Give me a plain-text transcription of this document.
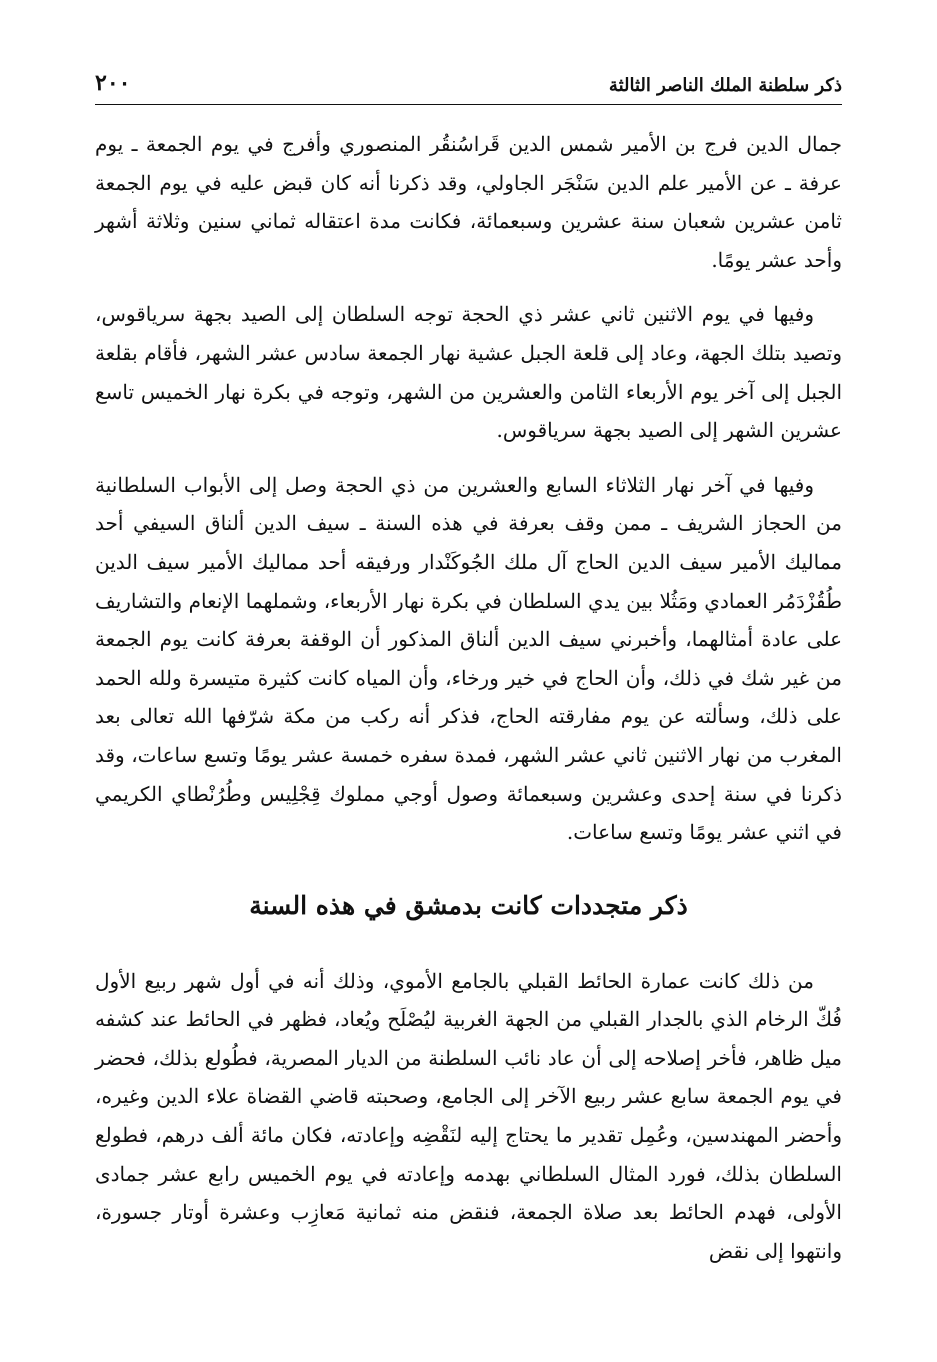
ذكر سلطنة الملك الناصر الثالثة
٢٠٠

جمال الدين فرج بن الأمير شمس الدين قَراسُنقُر المنصوري وأفرج في يوم الجمعة ـ يوم عرفة ـ عن الأمير علم الدين سَنْجَر الجاولي، وقد ذكرنا أنه كان قبض عليه في يوم الجمعة ثامن عشرين شعبان سنة عشرين وسبعمائة، فكانت مدة اعتقاله ثماني سنين وثلاثة أشهر وأحد عشر يومًا.

وفيها في يوم الاثنين ثاني عشر ذي الحجة توجه السلطان إلى الصيد بجهة سرياقوس، وتصيد بتلك الجهة، وعاد إلى قلعة الجبل عشية نهار الجمعة سادس عشر الشهر، فأقام بقلعة الجبل إلى آخر يوم الأربعاء الثامن والعشرين من الشهر، وتوجه في بكرة نهار الخميس تاسع عشرين الشهر إلى الصيد بجهة سرياقوس.

وفيها في آخر نهار الثلاثاء السابع والعشرين من ذي الحجة وصل إلى الأبواب السلطانية من الحجاز الشريف ـ ممن وقف بعرفة في هذه السنة ـ سيف الدين ألناق السيفي أحد مماليك الأمير سيف الدين الحاج آل ملك الجُوكَنْدار ورفيقه أحد مماليك الأمير سيف الدين طُقُزْدَمُر العمادي ومَثُلا بين يدي السلطان في بكرة نهار الأربعاء، وشملهما الإنعام والتشاريف على عادة أمثالهما، وأخبرني سيف الدين ألناق المذكور أن الوقفة بعرفة كانت يوم الجمعة من غير شك في ذلك، وأن الحاج في خير ورخاء، وأن المياه كانت كثيرة متيسرة ولله الحمد على ذلك، وسألته عن يوم مفارقته الحاج، فذكر أنه ركب من مكة شرّفها الله تعالى بعد المغرب من نهار الاثنين ثاني عشر الشهر، فمدة سفره خمسة عشر يومًا وتسع ساعات، وقد ذكرنا في سنة إحدى وعشرين وسبعمائة وصول أوجي مملوك قِجْلِيس وطُرُنْطاي الكريمي في اثني عشر يومًا وتسع ساعات.

ذكر متجددات كانت بدمشق في هذه السنة

من ذلك كانت عمارة الحائط القبلي بالجامع الأموي، وذلك أنه في أول شهر ربيع الأول فُكّ الرخام الذي بالجدار القبلي من الجهة الغربية ليُصْلَح ويُعاد، فظهر في الحائط عند كشفه ميل ظاهر، فأخر إصلاحه إلى أن عاد نائب السلطنة من الديار المصرية، فطُولع بذلك، فحضر في يوم الجمعة سابع عشر ربيع الآخر إلى الجامع، وصحبته قاضي القضاة علاء الدين وغيره، وأحضر المهندسين، وعُمِل تقدير ما يحتاج إليه لنَقْضِه وإعادته، فكان مائة ألف درهم، فطولع السلطان بذلك، فورد المثال السلطاني بهدمه وإعادته في يوم الخميس رابع عشر جمادى الأولى، فهدم الحائط بعد صلاة الجمعة، فنقض منه ثمانية مَعازِب وعشرة أوتار جسورة، وانتهوا إلى نقض
